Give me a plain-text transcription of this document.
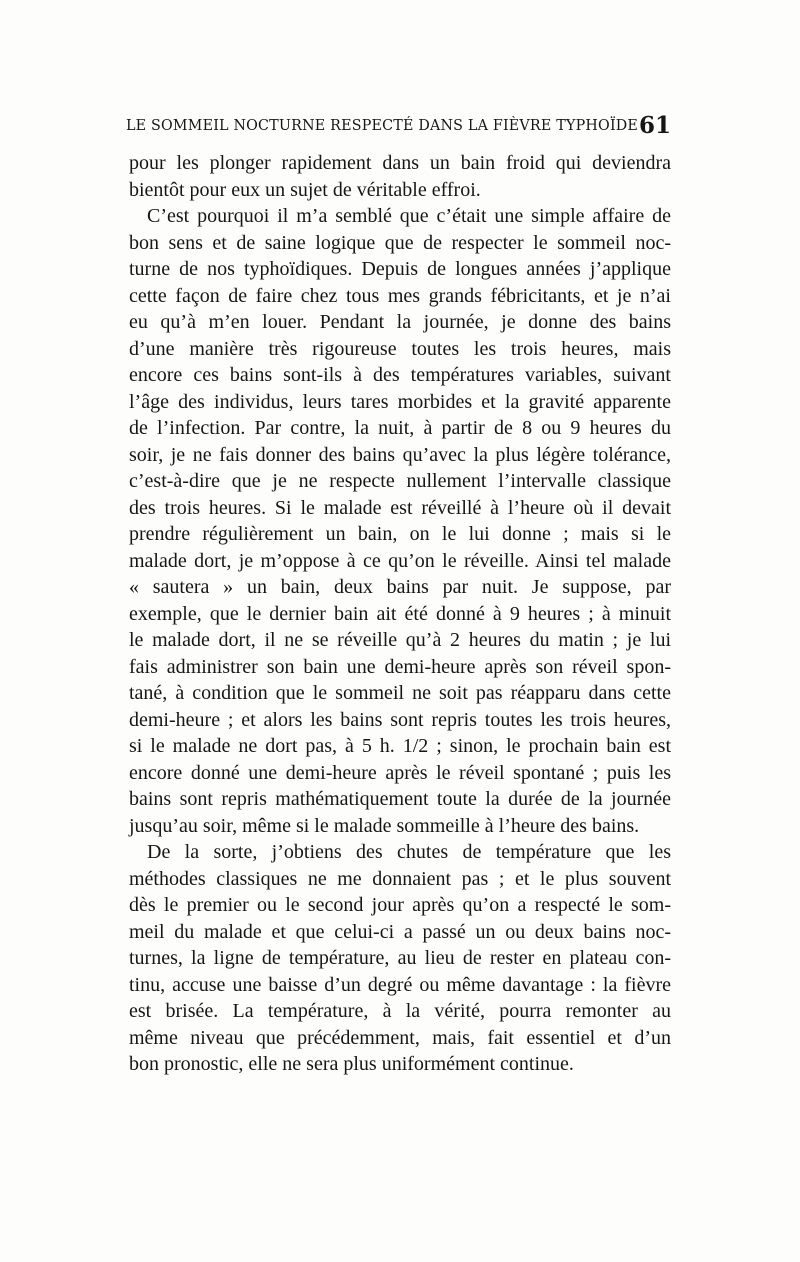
LE SOMMEIL NOCTURNE RESPECTÉ DANS LA FIÈVRE TYPHOÏDE 61
pour les plonger rapidement dans un bain froid qui deviendra
bientôt pour eux un sujet de véritable effroi.
C’est pourquoi il m’a semblé que c’était une simple affaire de
bon sens et de saine logique que de respecter le sommeil noc-
turne de nos typhoïdiques. Depuis de longues années j’applique
cette façon de faire chez tous mes grands fébricitants, et je n’ai
eu qu’à m’en louer. Pendant la journée, je donne des bains
d’une manière très rigoureuse toutes les trois heures, mais
encore ces bains sont-ils à des températures variables, suivant
l’âge des individus, leurs tares morbides et la gravité apparente
de l’infection. Par contre, la nuit, à partir de 8 ou 9 heures du
soir, je ne fais donner des bains qu’avec la plus légère tolérance,
c’est-à-dire que je ne respecte nullement l’intervalle classique
des trois heures. Si le malade est réveillé à l’heure où il devait
prendre régulièrement un bain, on le lui donne ; mais si le
malade dort, je m’oppose à ce qu’on le réveille. Ainsi tel malade
« sautera » un bain, deux bains par nuit. Je suppose, par
exemple, que le dernier bain ait été donné à 9 heures ; à minuit
le malade dort, il ne se réveille qu’à 2 heures du matin ; je lui
fais administrer son bain une demi-heure après son réveil spon-
tané, à condition que le sommeil ne soit pas réapparu dans cette
demi-heure ; et alors les bains sont repris toutes les trois heures,
si le malade ne dort pas, à 5 h. 1/2 ; sinon, le prochain bain est
encore donné une demi-heure après le réveil spontané ; puis les
bains sont repris mathématiquement toute la durée de la journée
jusqu’au soir, même si le malade sommeille à l’heure des bains.
De la sorte, j’obtiens des chutes de température que les
méthodes classiques ne me donnaient pas ; et le plus souvent
dès le premier ou le second jour après qu’on a respecté le som-
meil du malade et que celui-ci a passé un ou deux bains noc-
turnes, la ligne de température, au lieu de rester en plateau con-
tinu, accuse une baisse d’un degré ou même davantage : la fièvre
est brisée. La température, à la vérité, pourra remonter au
même niveau que précédemment, mais, fait essentiel et d’un
bon pronostic, elle ne sera plus uniformément continue.
